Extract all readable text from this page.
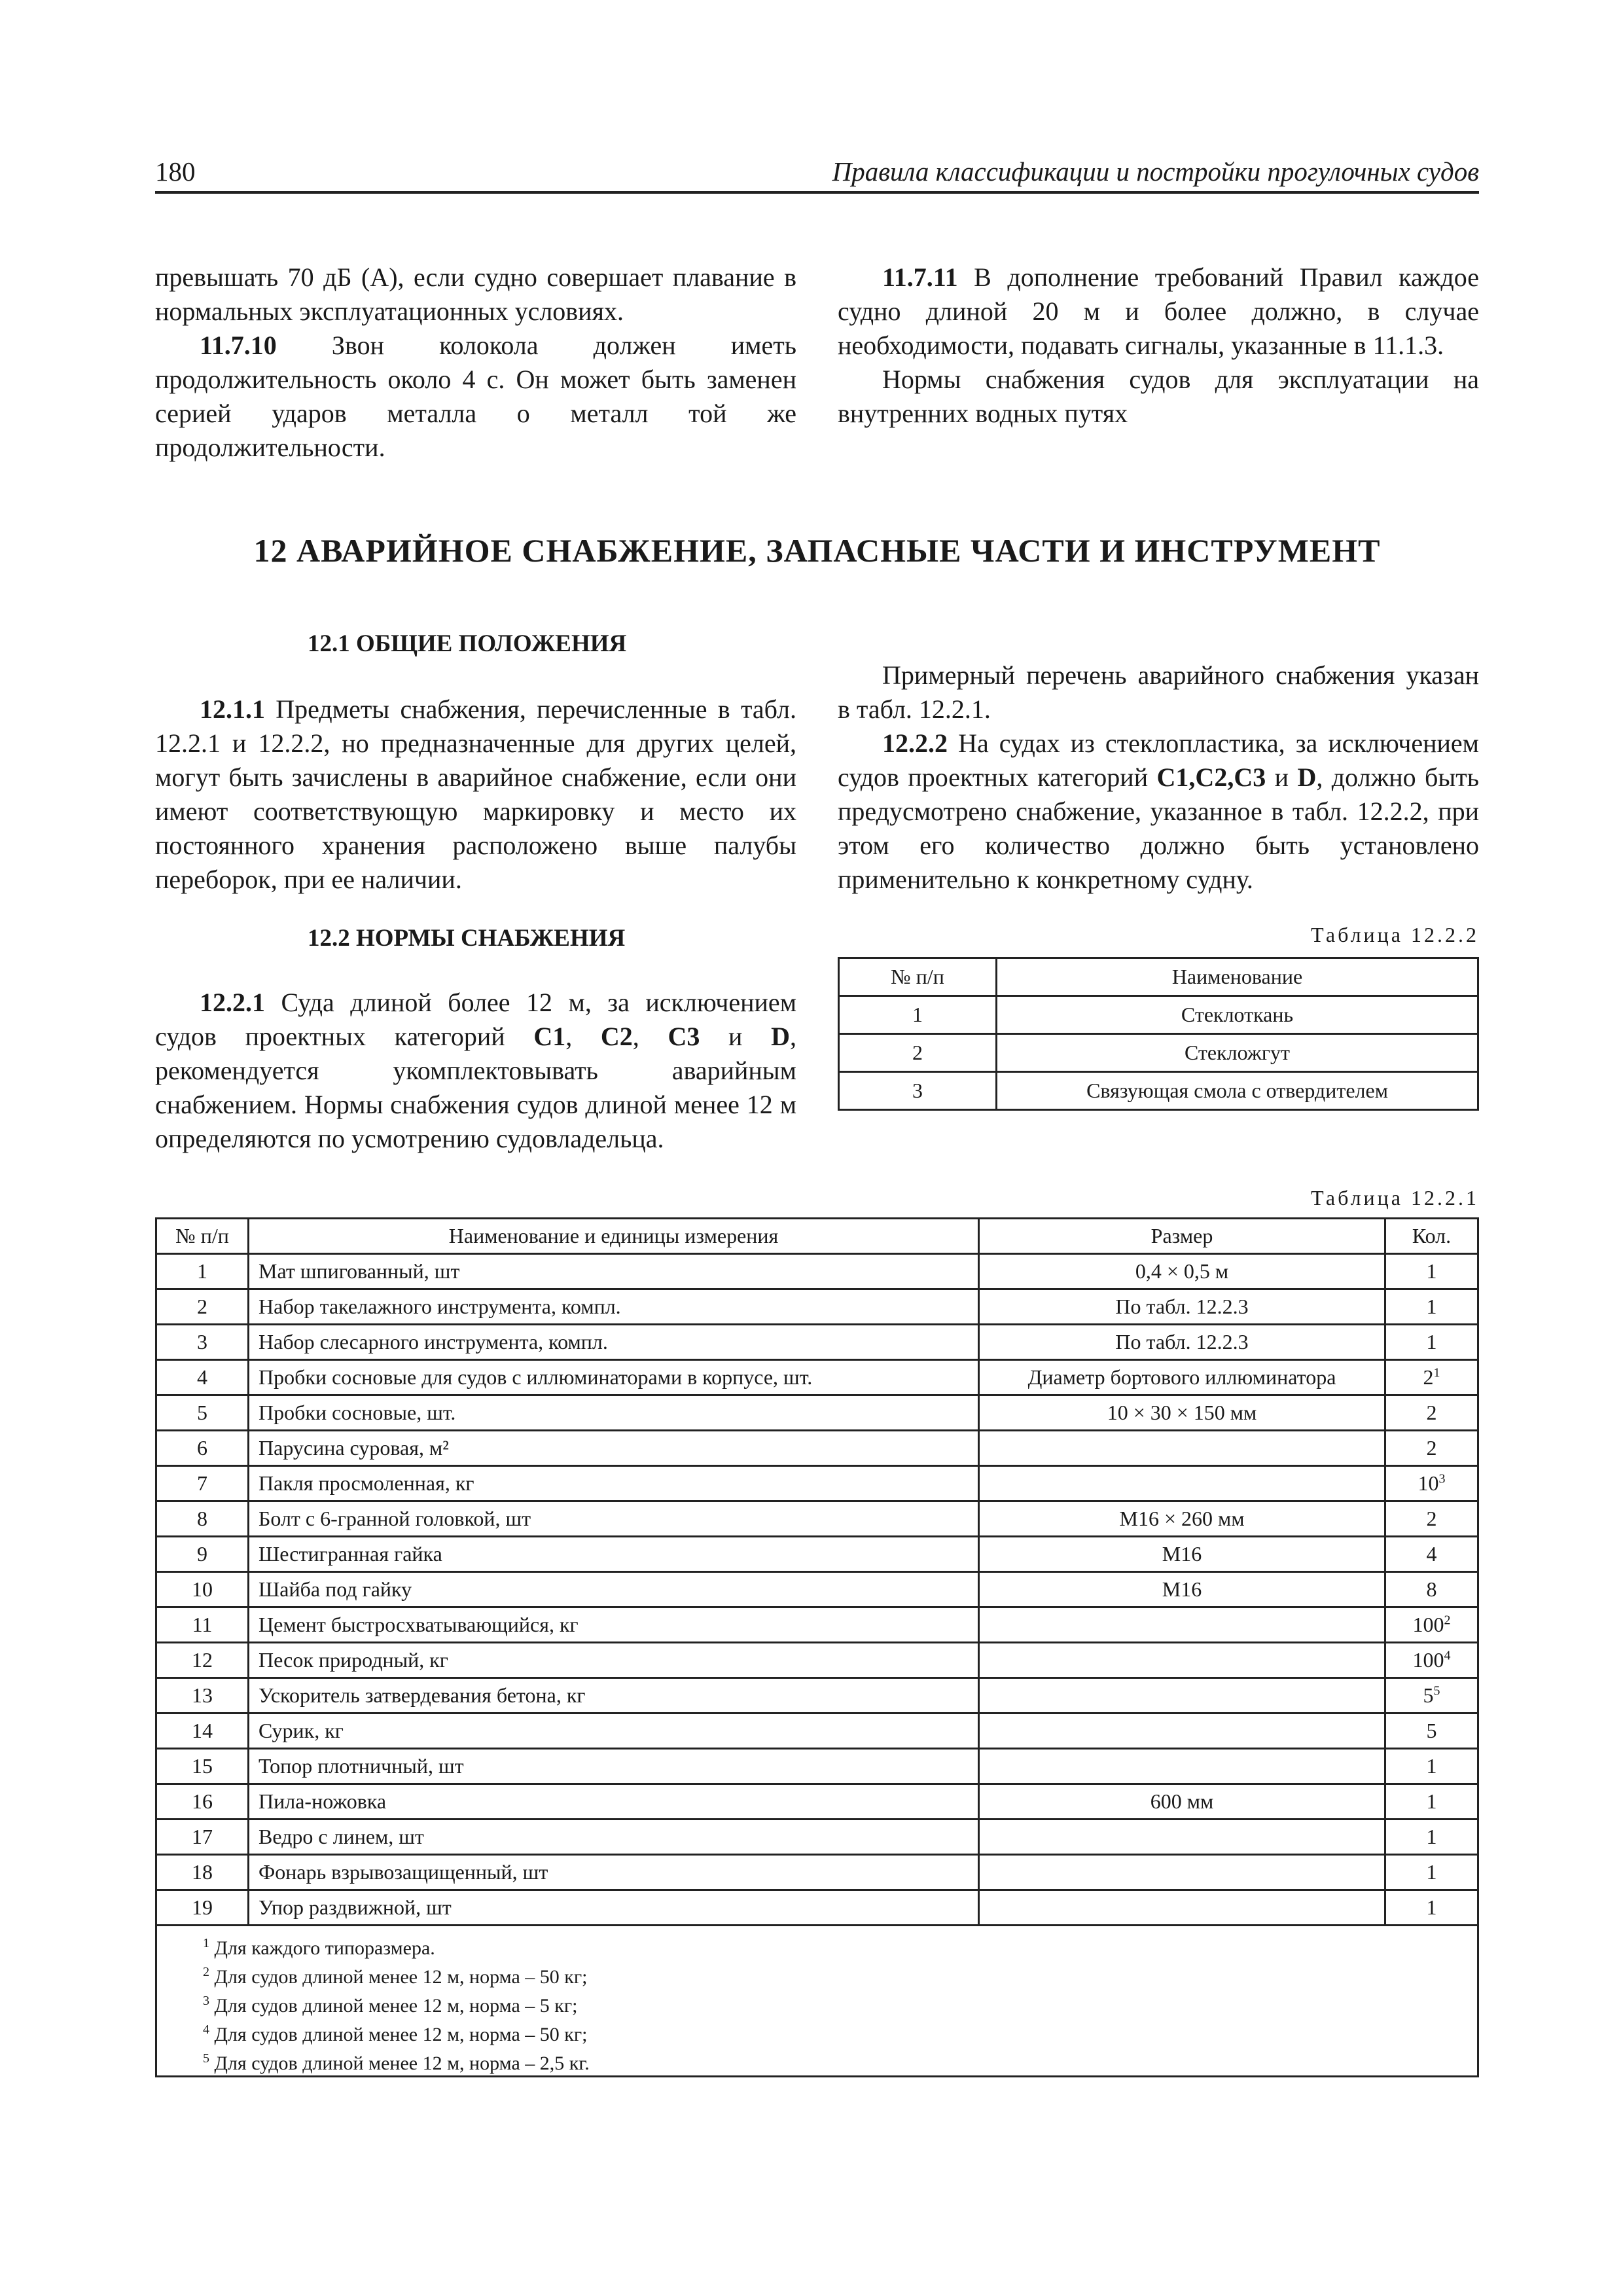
180	Правила классификации и постройки прогулочных судов

превышать 70 дБ (А), если судно совершает плавание в нормальных эксплуатационных условиях.

11.7.10 Звон колокола должен иметь продолжительность около 4 с. Он может быть заменен серией ударов металла о металл той же продолжительности.

11.7.11 В дополнение требований Правил каждое судно длиной 20 м и более должно, в случае необходимости, подавать сигналы, указанные в 11.1.3.

Нормы снабжения судов для эксплуатации на внутренних водных путях

12 АВАРИЙНОЕ СНАБЖЕНИЕ, ЗАПАСНЫЕ ЧАСТИ И ИНСТРУМЕНТ
12.1 ОБЩИЕ ПОЛОЖЕНИЯ

12.1.1 Предметы снабжения, перечисленные в табл. 12.2.1 и 12.2.2, но предназначенные для других целей, могут быть зачислены в аварийное снабжение, если они имеют соответствующую маркировку и место их постоянного хранения расположено выше палубы переборок, при ее наличии.

12.2 НОРМЫ СНАБЖЕНИЯ

12.2.1 Суда длиной более 12 м, за исключением судов проектных категорий C1, C2, C3 и D, рекомендуется укомплектовывать аварийным снабжением. Нормы снабжения судов длиной менее 12 м определяются по усмотрению судовладельца.

Примерный перечень аварийного снабжения указан в табл. 12.2.1.

12.2.2 На судах из стеклопластика, за исключением судов проектных категорий C1,C2,C3 и D, должно быть предусмотрено снабжение, указанное в табл. 12.2.2, при этом его количество должно быть установлено применительно к конкретному судну.

Таблица 12.2.2
№ п/п	Наименование
1	Стеклоткань
2	Стекложгут
3	Связующая смола с отвердителем
Таблица 12.2.1
№ п/п	Наименование и единицы измерения	Размер	Кол.
1	Мат шпигованный, шт	0,4 × 0,5 м	1
2	Набор такелажного инструмента, компл.	По табл. 12.2.3	1
3	Набор слесарного инструмента, компл.	По табл. 12.2.3	1
4	Пробки сосновые для судов с иллюминаторами в корпусе, шт.	Диаметр бортового иллюминатора	$2^1$
5	Пробки сосновые, шт.	10 × 30 × 150 мм	2
6	Парусина суровая, м²		2
7	Пакля просмоленная, кг		$10^3$
8	Болт с 6-гранной головкой, шт	М16 × 260 мм	2
9	Шестигранная гайка	М16	4
10	Шайба под гайку	М16	8
11	Цемент быстросхватывающийся, кг		$100^2$
12	Песок природный, кг		$100^4$
13	Ускоритель затвердевания бетона, кг		$5^5$
14	Сурик, кг		5
15	Топор плотничный, шт		1
16	Пила-ножовка	600 мм	1
17	Ведро с линем, шт		1
18	Фонарь взрывозащищенный, шт		1
19	Упор раздвижной, шт		1

$^1$ Для каждого типоразмера.
$^2$ Для судов длиной менее 12 м, норма – 50 кг;
$^3$ Для судов длиной менее 12 м, норма – 5 кг;
$^4$ Для судов длиной менее 12 м, норма – 50 кг;
$^5$ Для судов длиной менее 12 м, норма – 2,5 кг.			
